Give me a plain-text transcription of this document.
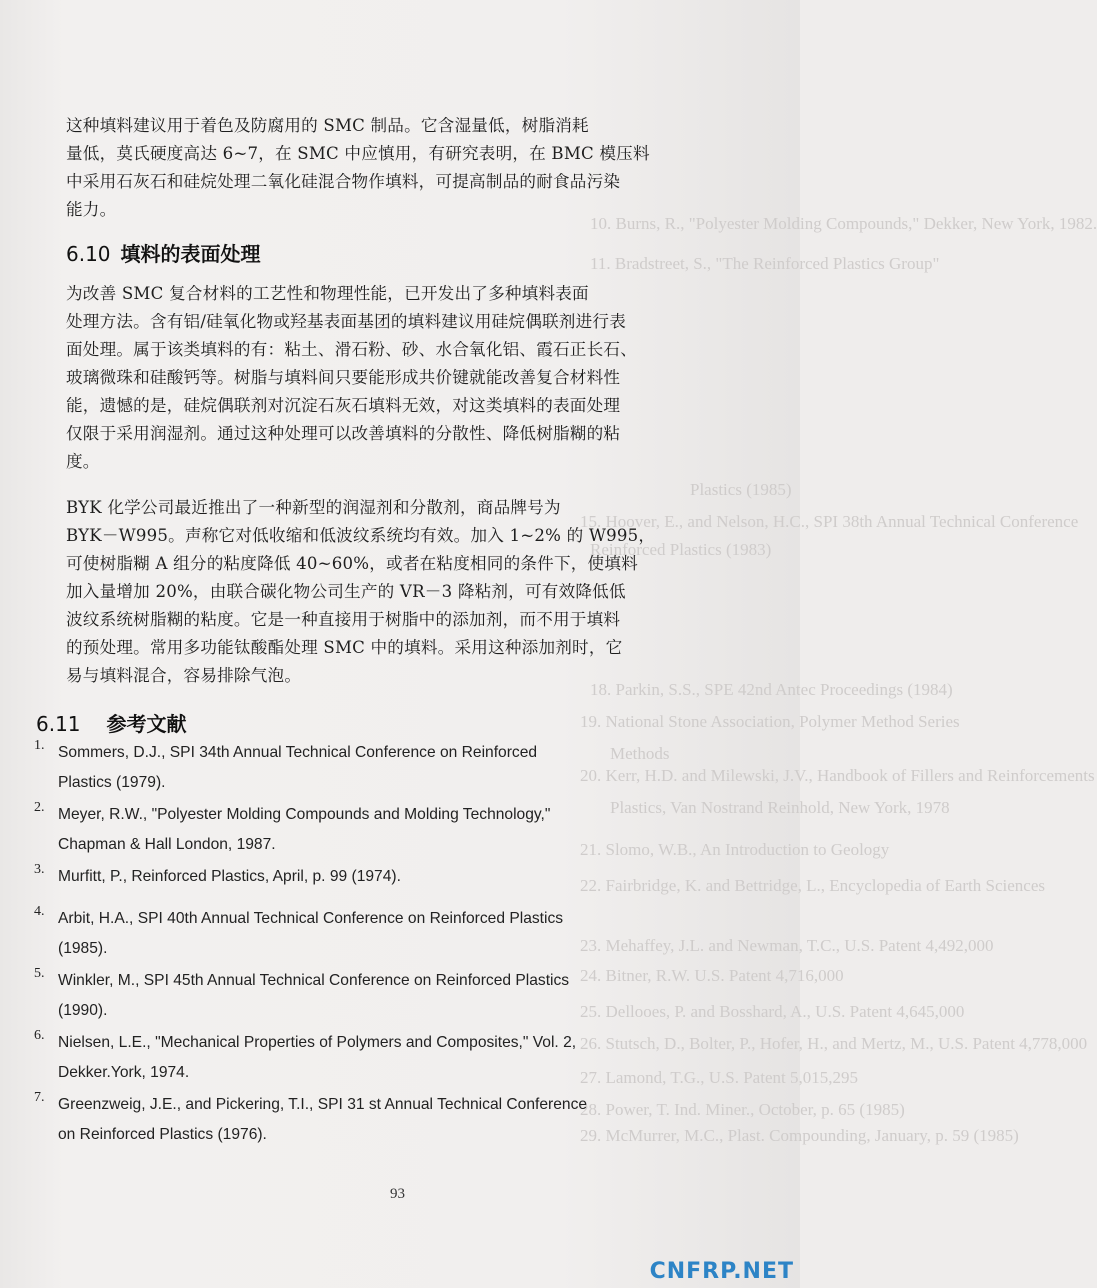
10. Burns, R., "Polyester Molding Compounds," Dekker, New York, 1982.
11. Bradstreet, S., "The Reinforced Plastics Group"
Plastics (1985)
15. Hoover, E., and Nelson, H.C., SPI 38th Annual Technical Conference
Reinforced Plastics (1983)
18. Parkin, S.S., SPE 42nd Antec Proceedings (1984)
19. National Stone Association, Polymer Method Series
Methods
20. Kerr, H.D. and Milewski, J.V., Handbook of Fillers and Reinforcements
Plastics, Van Nostrand Reinhold, New York, 1978
21. Slomo, W.B., An Introduction to Geology
22. Fairbridge, K. and Bettridge, L., Encyclopedia of Earth Sciences
23. Mehaffey, J.L. and Newman, T.C., U.S. Patent 4,492,000
24. Bitner, R.W. U.S. Patent 4,716,000
25. Dellooes, P. and Bosshard, A., U.S. Patent 4,645,000
26. Stutsch, D., Bolter, P., Hofer, H., and Mertz, M., U.S. Patent 4,778,000
27. Lamond, T.G., U.S. Patent 5,015,295
28. Power, T. Ind. Miner., October, p. 65 (1985)
29. McMurrer, M.C., Plast. Compounding, January, p. 59 (1985)
这种填料建议用于着色及防腐用的 SMC 制品。它含湿量低，树脂消耗
量低，莫氏硬度高达 6~7，在 SMC 中应慎用，有研究表明，在 BMC 模压料
中采用石灰石和硅烷处理二氧化硅混合物作填料，可提高制品的耐食品污染
能力。
6.10 填料的表面处理
为改善 SMC 复合材料的工艺性和物理性能，已开发出了多种填料表面
处理方法。含有铝/硅氧化物或羟基表面基团的填料建议用硅烷偶联剂进行表
面处理。属于该类填料的有：粘土、滑石粉、砂、水合氧化铝、霞石正长石、
玻璃微珠和硅酸钙等。树脂与填料间只要能形成共价键就能改善复合材料性
能，遗憾的是，硅烷偶联剂对沉淀石灰石填料无效，对这类填料的表面处理
仅限于采用润湿剂。通过这种处理可以改善填料的分散性、降低树脂糊的粘
度。
BYK 化学公司最近推出了一种新型的润湿剂和分散剂，商品牌号为
BYK－W995。声称它对低收缩和低波纹系统均有效。加入 1~2% 的 W995，
可使树脂糊 A 组分的粘度降低 40~60%，或者在粘度相同的条件下，使填料
加入量增加 20%，由联合碳化物公司生产的 VR－3 降粘剂，可有效降低低
波纹系统树脂糊的粘度。它是一种直接用于树脂中的添加剂，而不用于填料
的预处理。常用多功能钛酸酯处理 SMC 中的填料。采用这种添加剂时，它
易与填料混合，容易排除气泡。
6.11 参考文献
1. Sommers, D.J., SPI 34th Annual Technical Conference on Reinforced
Plastics (1979).
2. Meyer, R.W., "Polyester Molding Compounds and Molding Technology,"
Chapman & Hall London, 1987.
3. Murfitt, P., Reinforced Plastics, April, p. 99 (1974).
4. Arbit, H.A., SPI 40th Annual Technical Conference on Reinforced Plastics
(1985).
5. Winkler, M., SPI 45th Annual Technical Conference on Reinforced Plastics
(1990).
6. Nielsen, L.E., "Mechanical Properties of Polymers and Composites," Vol. 2,
Dekker.York, 1974.
7. Greenzweig, J.E., and Pickering, T.I., SPI 31 st Annual Technical Conference
on Reinforced Plastics (1976).
93
CNFRP.NET
